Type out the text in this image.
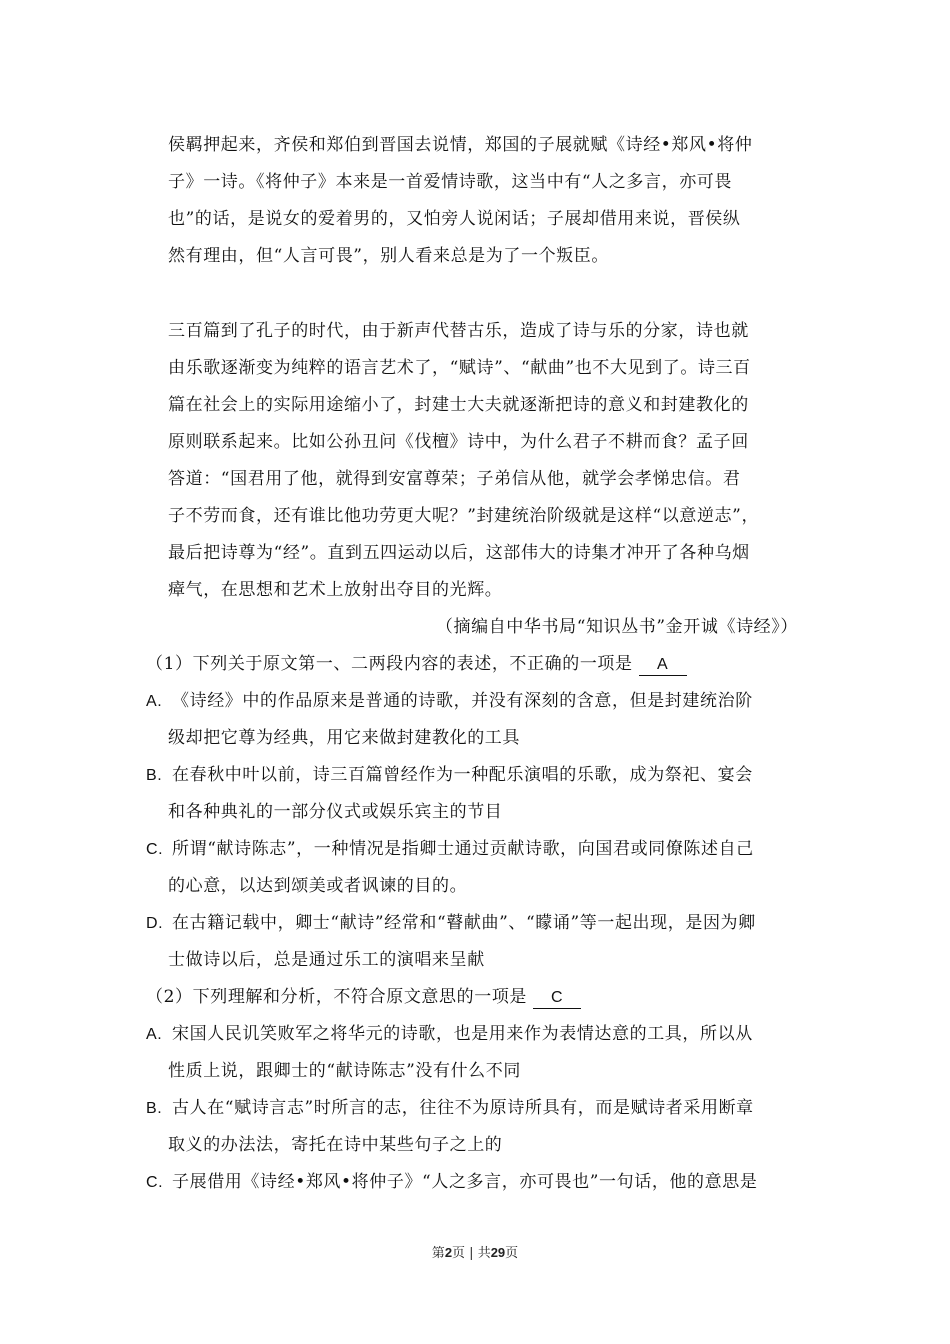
侯羁押起来，齐侯和郑伯到晋国去说情，郑国的子展就赋《诗经•郑风•将仲
子》一诗。《将仲子》本来是一首爱情诗歌，这当中有“人之多言，亦可畏
也”的话，是说女的爱着男的，又怕旁人说闲话；子展却借用来说，晋侯纵
然有理由，但“人言可畏”，别人看来总是为了一个叛臣。
三百篇到了孔子的时代，由于新声代替古乐，造成了诗与乐的分家，诗也就
由乐歌逐渐变为纯粹的语言艺术了，“赋诗”、“献曲”也不大见到了。诗三百
篇在社会上的实际用途缩小了，封建士大夫就逐渐把诗的意义和封建教化的
原则联系起来。比如公孙丑问《伐檀》诗中，为什么君子不耕而食？孟子回
答道：“国君用了他，就得到安富尊荣；子弟信从他，就学会孝悌忠信。君
子不劳而食，还有谁比他功劳更大呢？”封建统治阶级就是这样“以意逆志”，
最后把诗尊为“经”。直到五四运动以后，这部伟大的诗集才冲开了各种乌烟
瘴气，在思想和艺术上放射出夺目的光辉。
（摘编自中华书局“知识丛书”金开诚《诗经》）
（1）下列关于原文第一、二两段内容的表述，不正确的一项是 A
A. 《诗经》中的作品原来是普通的诗歌，并没有深刻的含意，但是封建统治阶
级却把它尊为经典，用它来做封建教化的工具
B. 在春秋中叶以前，诗三百篇曾经作为一种配乐演唱的乐歌，成为祭祀、宴会
和各种典礼的一部分仪式或娱乐宾主的节目
C. 所谓“献诗陈志”，一种情况是指卿士通过贡献诗歌，向国君或同僚陈述自己
的心意，以达到颂美或者讽谏的目的。
D. 在古籍记载中，卿士“献诗”经常和“瞽献曲”、“矇诵”等一起出现，是因为卿
士做诗以后，总是通过乐工的演唱来呈献
（2）下列理解和分析，不符合原文意思的一项是 C
A. 宋国人民讥笑败军之将华元的诗歌，也是用来作为表情达意的工具，所以从
性质上说，跟卿士的“献诗陈志”没有什么不同
B. 古人在“赋诗言志”时所言的志，往往不为原诗所具有，而是赋诗者采用断章
取义的办法法，寄托在诗中某些句子之上的
C. 子展借用《诗经•郑风•将仲子》“人之多言，亦可畏也”一句话，他的意思是
第2页 | 共29页
